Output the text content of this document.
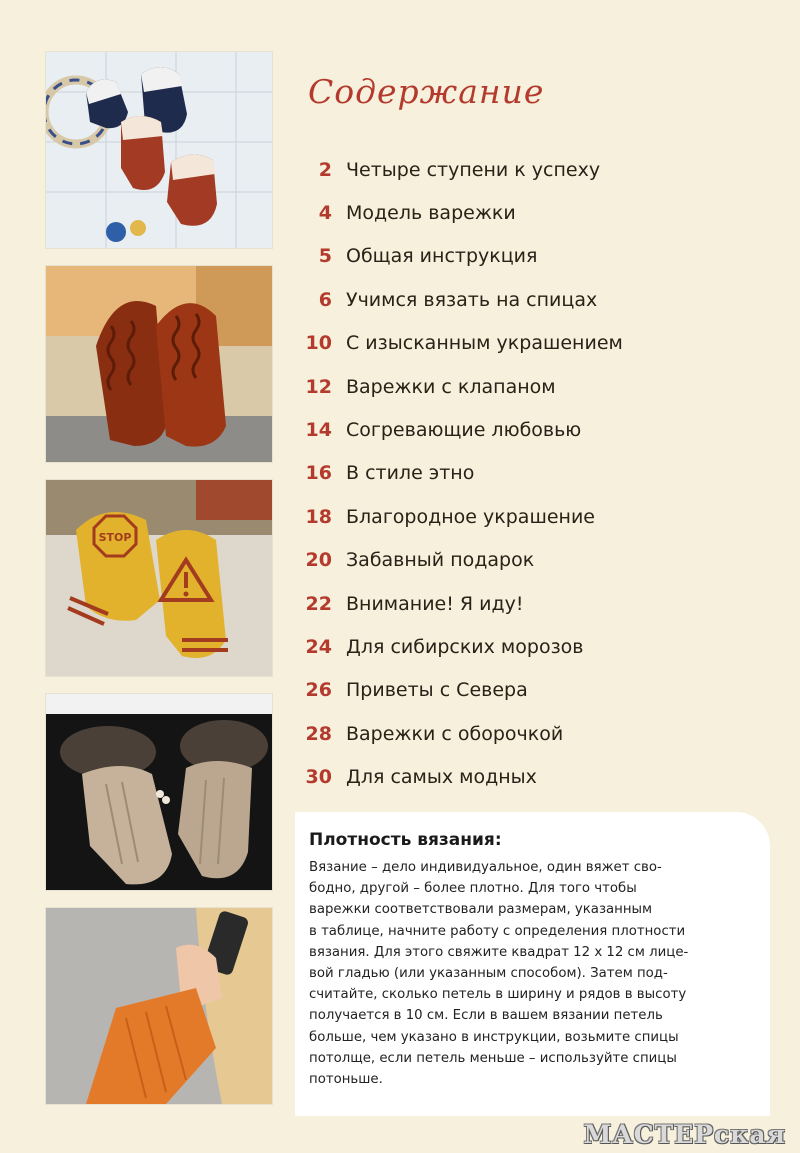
STOP
Содержание
2 Четыре ступени к успеху
4 Модель варежки
5 Общая инструкция
6 Учимся вязать на спицах
10 С изысканным украшением
12 Варежки с клапаном
14 Согревающие любовью
16 В стиле этно
18 Благородное украшение
20 Забавный подарок
22 Внимание! Я иду!
24 Для сибирских морозов
26 Приветы с Севера
28 Варежки с оборочкой
30 Для самых модных
Плотность вязания:

Вязание – дело индивидуальное, один вяжет сво-
бодно, другой – более плотно. Для того чтобы
варежки соответствовали размерам, указанным
в таблице, начните работу с определения плотности
вязания. Для этого свяжите квадрат 12 х 12 см лице-
вой гладью (или указанным способом). Затем под-
считайте, сколько петель в ширину и рядов в высоту
получается в 10 см. Если в вашем вязании петель
больше, чем указано в инструкции, возьмите спицы
потолще, если петель меньше – используйте спицы
потоньше.

МАСТЕРская
